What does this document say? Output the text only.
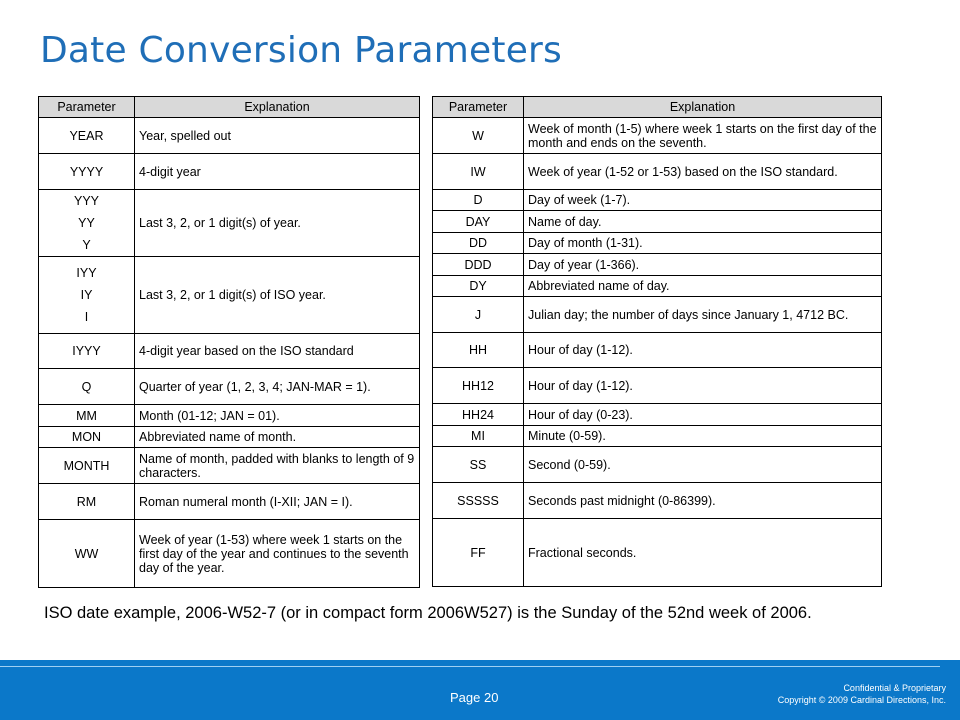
Date Conversion Parameters
Parameter	Explanation
YEAR	Year, spelled out
YYYY	4-digit year

YYY
YY
Y	Last 3, 2, or 1 digit(s) of year.

IYY
IY
I	Last 3, 2, or 1 digit(s) of ISO year.
IYYY	4-digit year based on the ISO standard
Q	Quarter of year (1, 2, 3, 4; JAN-MAR = 1).
MM	Month (01-12; JAN = 01).
MON	Abbreviated name of month.
MONTH	Name of month, padded with blanks to length of 9 characters.
RM	Roman numeral month (I-XII; JAN = I).
WW	Week of year (1-53) where week 1 starts on the first day of the year and continues to the seventh day of the year.
Parameter	Explanation
W	Week of month (1-5) where week 1 starts on the first day of the month and ends on the seventh.
IW	Week of year (1-52 or 1-53) based on the ISO standard.
D	Day of week (1-7).
DAY	Name of day.
DD	Day of month (1-31).
DDD	Day of year (1-366).
DY	Abbreviated name of day.
J	Julian day; the number of days since January 1, 4712 BC.
HH	Hour of day (1-12).
HH12	Hour of day (1-12).
HH24	Hour of day (0-23).
MI	Minute (0-59).
SS	Second (0-59).
SSSSS	Seconds past midnight (0-86399).
FF	Fractional seconds.

ISO date example, 2006-W52-7 (or in compact form 2006W527) is the Sunday of the 52nd week of 2006.

Page 20
Confidential & Proprietary
Copyright © 2009 Cardinal Directions, Inc.
